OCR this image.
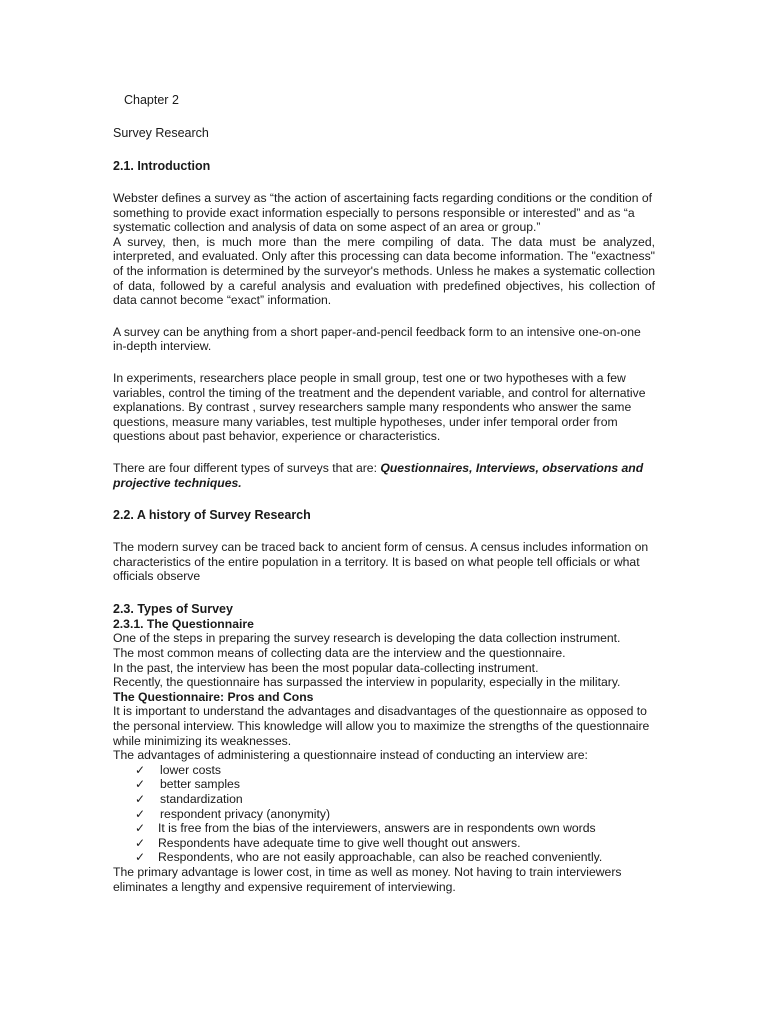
Chapter 2
Survey Research
2.1. Introduction

Webster defines a survey as “the action of ascertaining facts regarding conditions or the condition of something to provide exact information especially to persons responsible or interested” and as “a systematic collection and analysis of data on some aspect of an area or group.”

A survey, then, is much more than the mere compiling of data. The data must be analyzed, interpreted, and evaluated. Only after this processing can data become information. The "exactness" of the information is determined by the surveyor's methods. Unless he makes a systematic collection of data, followed by a careful analysis and evaluation with predefined objectives, his collection of data cannot become “exact” information.

A survey can be anything from a short paper-and-pencil feedback form to an intensive one-on-one in-depth interview.

In experiments, researchers place people in small group, test one or two hypotheses with a few variables, control the timing of the treatment and the dependent variable, and control for alternative explanations. By contrast , survey researchers sample many respondents who answer the same questions, measure many variables, test multiple hypotheses, under infer temporal order from questions about past behavior, experience or characteristics.

There are four different types of surveys that are: Questionnaires, Interviews, observations and projective techniques.

2.2. A history of Survey Research

The modern survey can be traced back to ancient form of census. A census includes information on characteristics of the entire population in a territory. It is based on what people tell officials or what officials observe

2.3. Types of Survey
2.3.1. The Questionnaire

One of the steps in preparing the survey research is developing the data collection instrument.

The most common means of collecting data are the interview and the questionnaire.

In the past, the interview has been the most popular data-collecting instrument.

Recently, the questionnaire has surpassed the interview in popularity, especially in the military.

The Questionnaire: Pros and Cons

It is important to understand the advantages and disadvantages of the questionnaire as opposed to the personal interview. This knowledge will allow you to maximize the strengths of the questionnaire while minimizing its weaknesses.

The advantages of administering a questionnaire instead of conducting an interview are:

✓ lower costs
✓ better samples
✓ standardization
✓ respondent privacy (anonymity)
✓ It is free from the bias of the interviewers, answers are in respondents own words
✓ Respondents have adequate time to give well thought out answers.
✓ Respondents, who are not easily approachable, can also be reached conveniently.

The primary advantage is lower cost, in time as well as money. Not having to train interviewers eliminates a lengthy and expensive requirement of interviewing.
